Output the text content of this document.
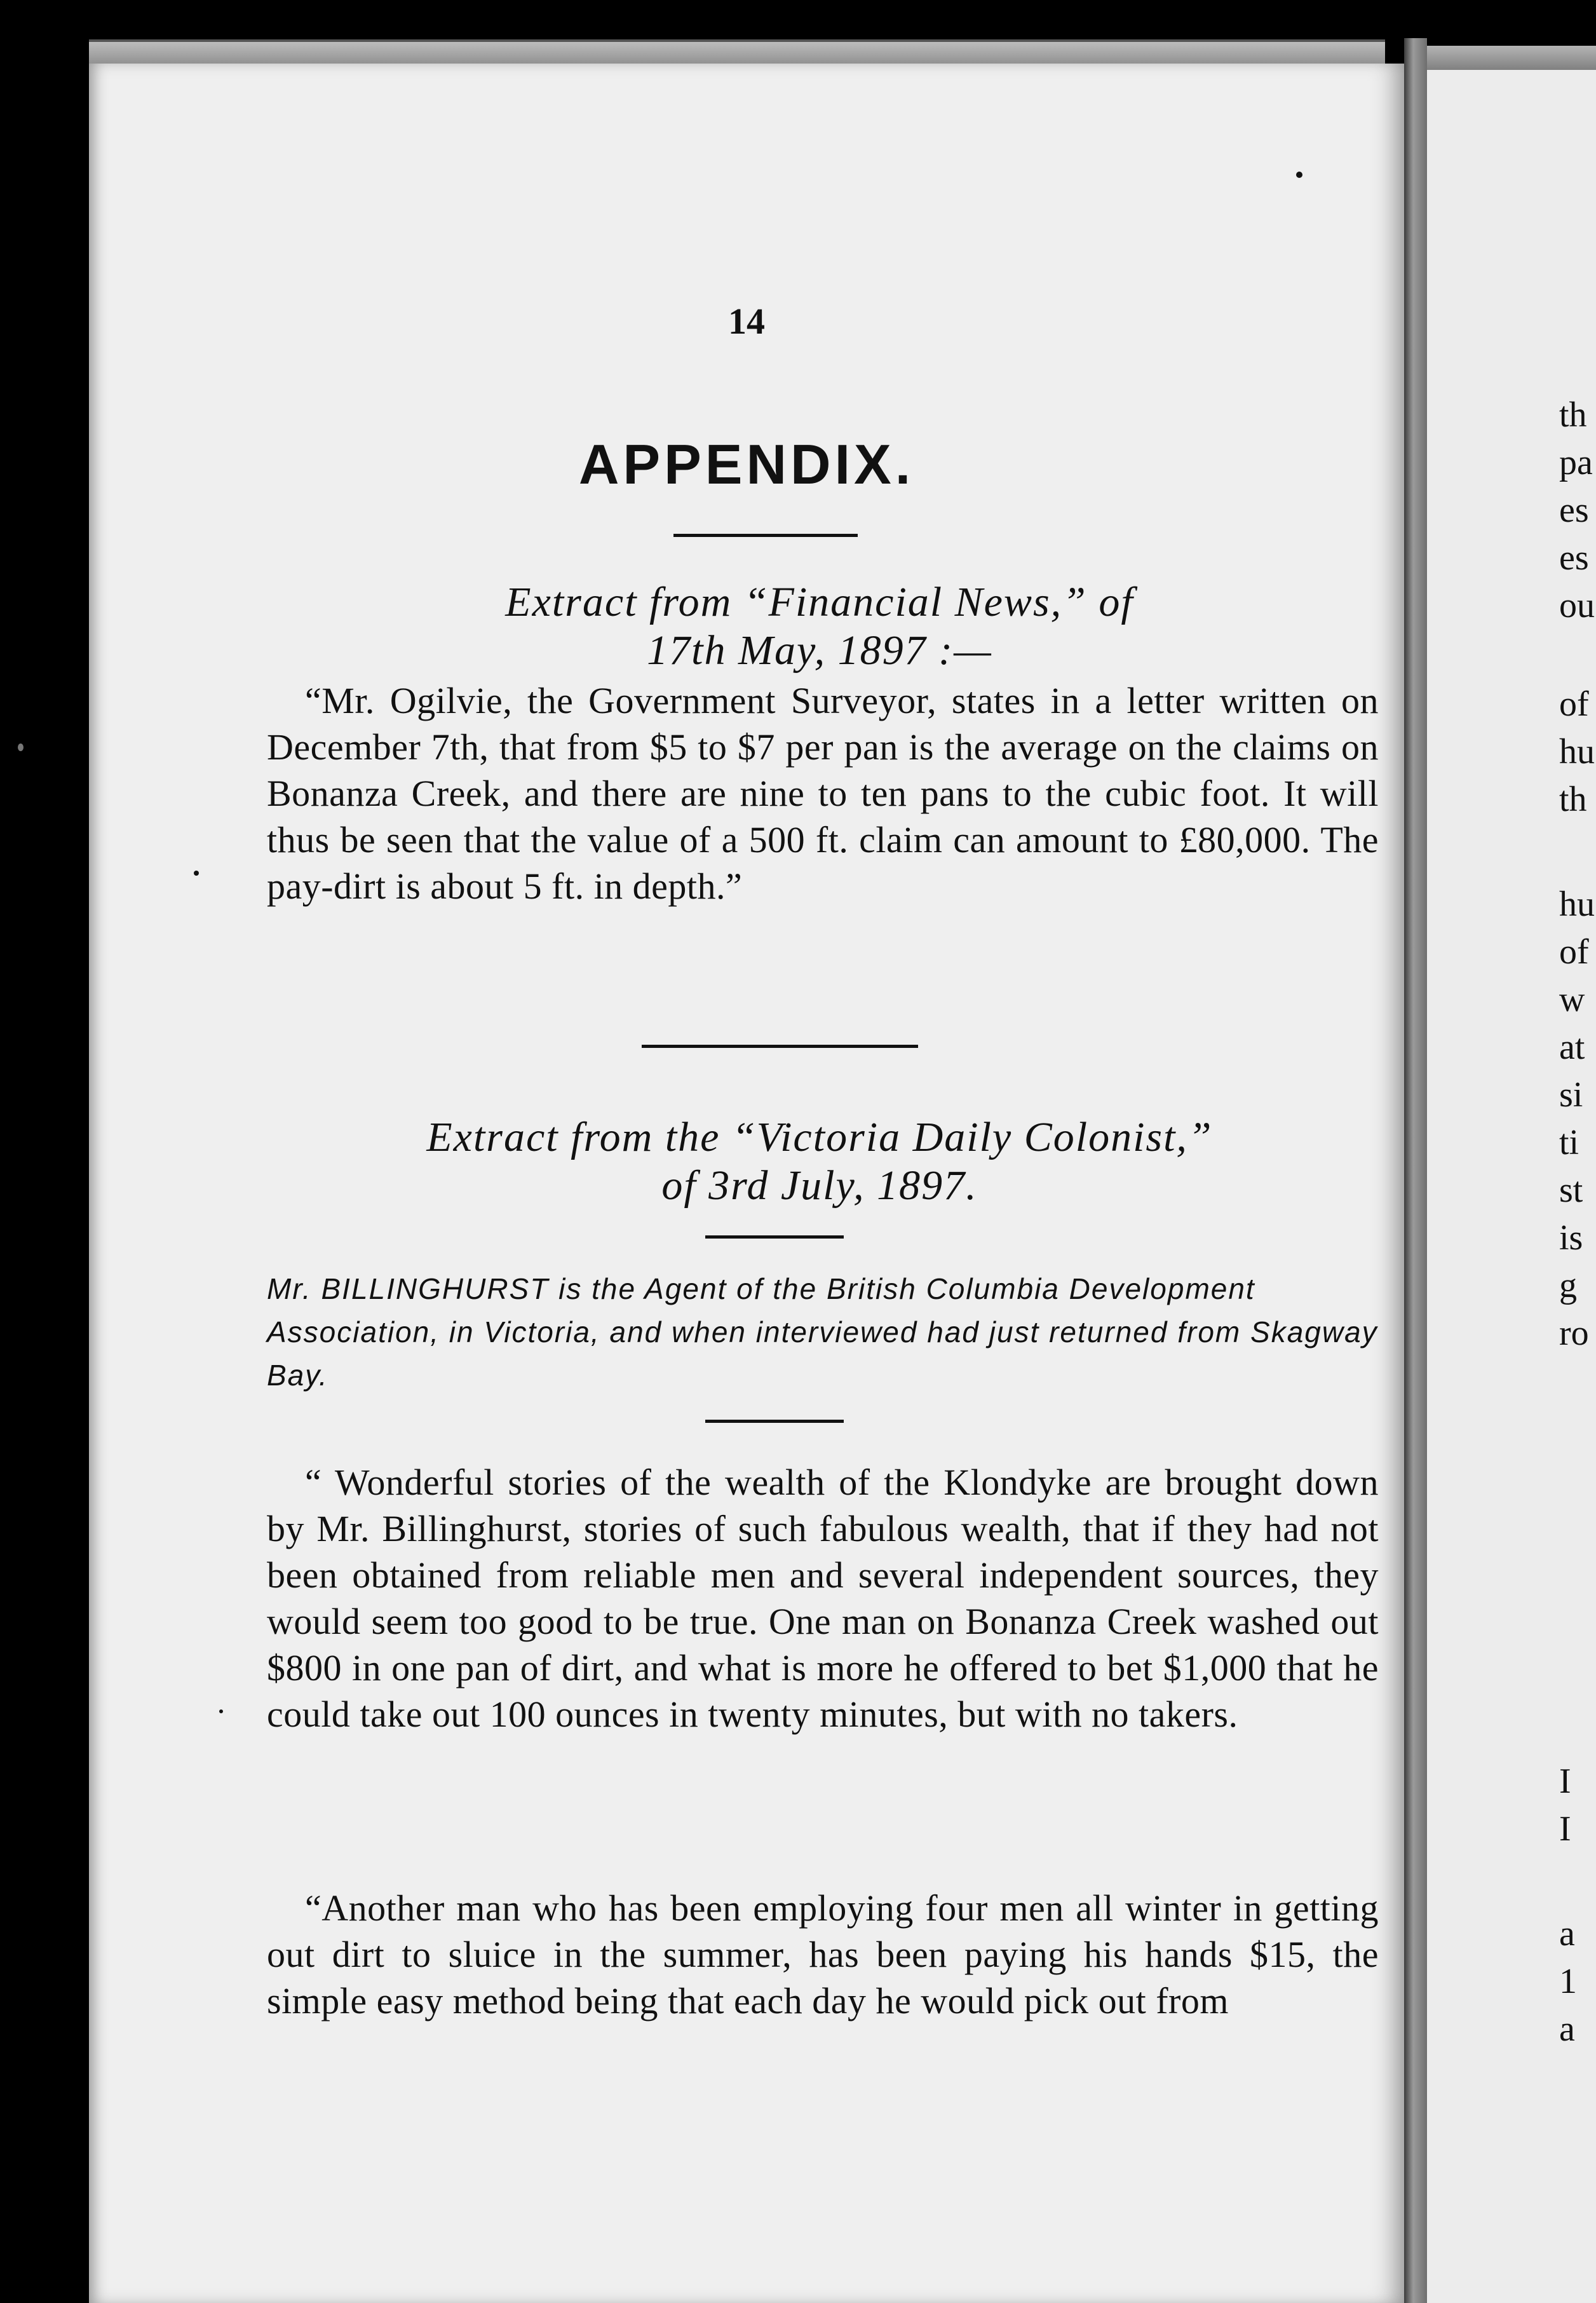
14
APPENDIX.
Extract from “Financial News,” of
17th May, 1897 :—
“Mr. Ogilvie, the Government Surveyor, states in a letter written on December 7th, that from $5 to $7 per pan is the average on the claims on Bonanza Creek, and there are nine to ten pans to the cubic foot. It will thus be seen that the value of a 500 ft. claim can amount to £80,000. The pay-dirt is about 5 ft. in depth.”
Extract from the “Victoria Daily Colonist,”
of 3rd July, 1897.
Mr. BILLINGHURST is the Agent of the British Columbia Development Association, in Victoria, and when interviewed had just returned from Skagway Bay.
“ Wonderful stories of the wealth of the Klondyke are brought down by Mr. Billinghurst, stories of such fabulous wealth, that if they had not been obtained from reliable men and several independent sources, they would seem too good to be true. One man on Bonanza Creek washed out $800 in one pan of dirt, and what is more he offered to bet $1,000 that he could take out 100 ounces in twenty minutes, but with no takers.
“Another man who has been employing four men all winter in getting out dirt to sluice in the summer, has been paying his hands $15, the simple easy method being that each day he would pick out from
th
pa
es
es
ou
of
hu
th
hu
of
w
at
si
ti
st
is
g
ro
I
I
a
1
a
